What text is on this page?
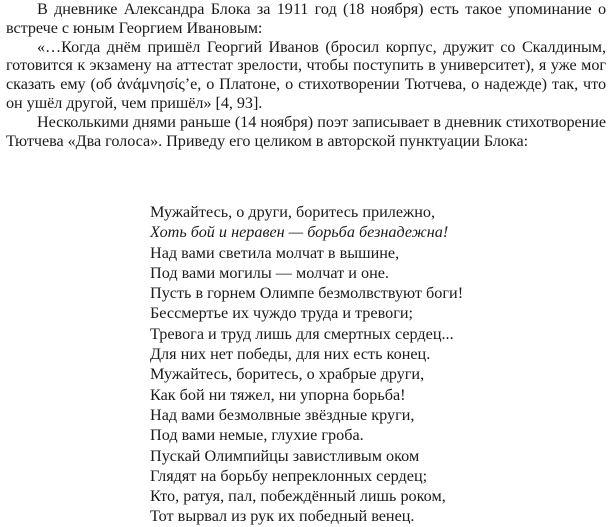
В дневнике Александра Блока за 1911 год (18 ноября) есть такое упоминание о встрече с юным Георгием Ивановым:

«…Когда днём пришёл Георгий Иванов (бросил корпус, дружит со Скалдиным, готовится к экзамену на аттестат зрелости, чтобы поступить в университет), я уже мог сказать ему (об ἀνάμνησίςʼе, о Платоне, о стихотворении Тютчева, о надежде) так, что он ушёл другой, чем пришёл» [4, 93].

Несколькими днями раньше (14 ноября) поэт записывает в дневник стихотворение Тютчева «Два голоса». Приведу его целиком в авторской пунктуации Блока:

Мужайтесь, о други, боритесь прилежно,
Хоть бой и неравен — борьба безнадежна!
Над вами светила молчат в вышине,
Под вами могилы — молчат и оне.
Пусть в горнем Олимпе безмолвствуют боги!
Бессмертье их чуждо труда и тревоги;
Тревога и труд лишь для смертных сердец...
Для них нет победы, для них есть конец.
Мужайтесь, боритесь, о храбрые други,
Как бой ни тяжел, ни упорна борьба!
Над вами безмолвные звёздные круги,
Под вами немые, глухие гроба.
Пускай Олимпийцы завистливым оком
Глядят на борьбу непреклонных сердец;
Кто, ратуя, пал, побеждённый лишь роком,
Тот вырвал из рук их победный венец.
